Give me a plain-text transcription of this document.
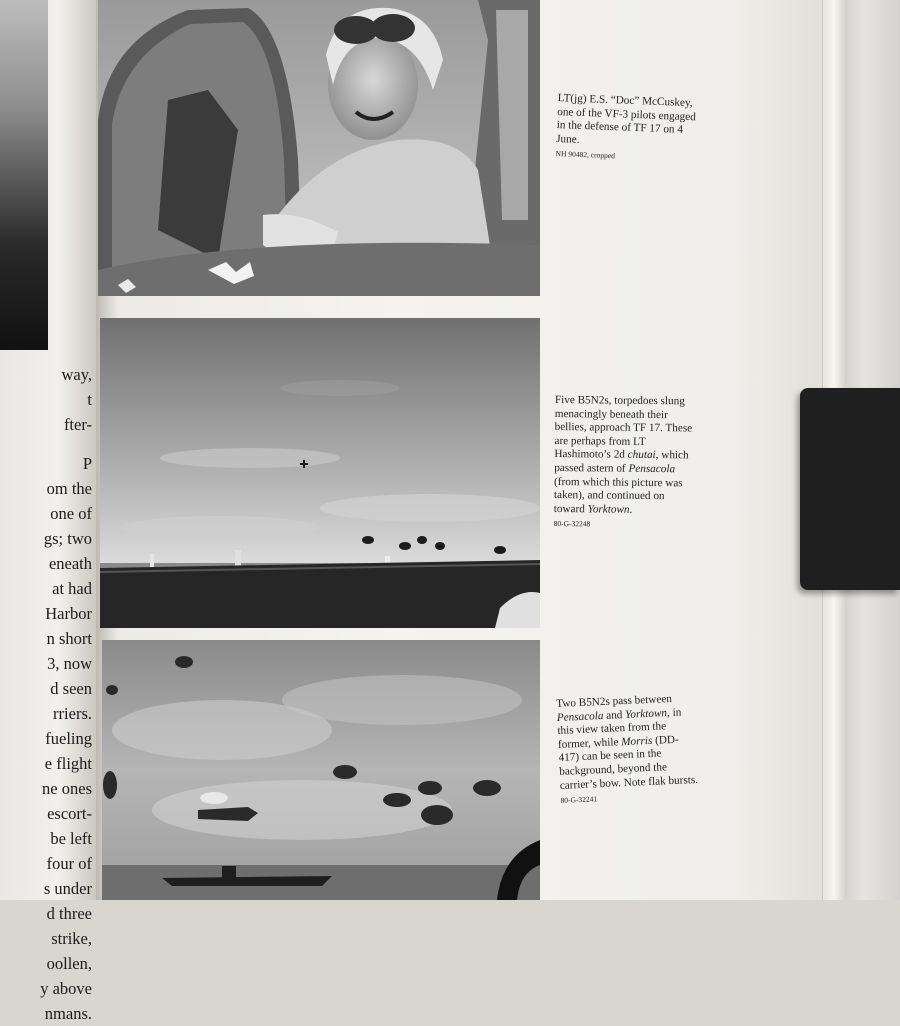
way,
t
fter-
P
om the
one of
gs; two
eneath
at had
Harbor
n short
3, now
d seen
rriers.
fueling
e flight
ne ones
escort-
be left
four of
s under
d three
strike,
oollen,
y above
nmans.
LT(jg) E.S. “Doc” McCuskey, one of the VF-3 pilots engaged in the defense of TF 17 on 4 June.
NH 90482, cropped
Five B5N2s, torpedoes slung menacingly beneath their bellies, approach TF 17. These are perhaps from LT Hashimoto’s 2d chutai, which passed astern of Pensacola (from which this picture was taken), and continued on toward Yorktown.
80-G-32248
Two B5N2s pass between Pensacola and Yorktown, in this view taken from the former, while Morris (DD-417) can be seen in the background, beyond the carrier’s bow. Note flak bursts.
80-G-32241
